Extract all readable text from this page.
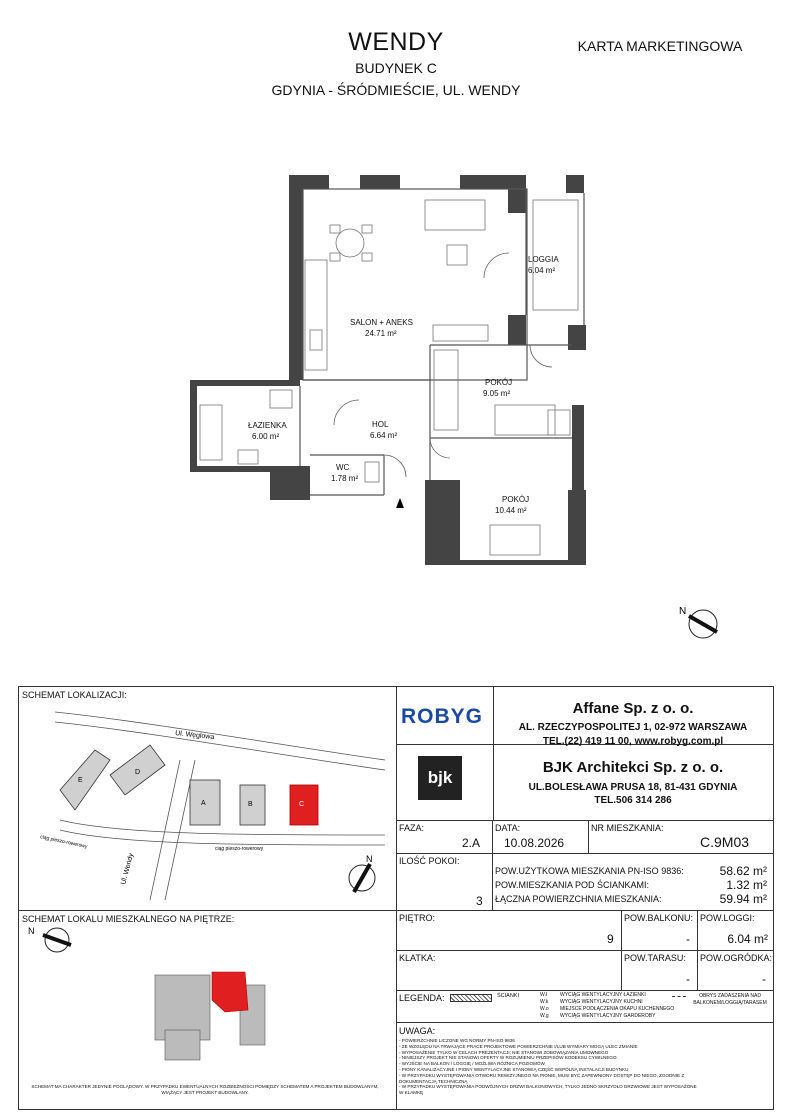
WENDY
BUDYNEK C
GDYNIA - ŚRÓDMIEŚCIE, UL. WENDY
KARTA MARKETINGOWA
LOGGIA
6.04 m²
SALON + ANEKS
24.71 m²
POKÓJ
9.05 m²
ŁAZIENKA
6.00 m²
HOL
6.64 m²
WC
1.78 m²
POKÓJ
10.44 m²
N
SCHEMAT LOKALIZACJI:
Ul. Węglowa
Ul. Wendy
ciąg pieszo-rowerowy	ciąg pieszo-rowerowy
E
D
A	B	C
N
SCHEMAT LOKALU MIESZKALNEGO NA PIĘTRZE:
N
SCHEMAT MA CHARAKTER JEDYNIE POGLĄDOWY. W PRZYPADKU EWENTUALNYCH ROZBIEŻNOŚCI POMIĘDZY SCHEMATEM A PROJEKTEM BUDOWLANYM, WIĄŻĄCY JEST PROJEKT BUDOWLANY.
ROBYG
bjk
Affane Sp. z o. o.
AL. RZECZYPOSPOLITEJ 1, 02-972 WARSZAWA
TEL.(22) 419 11 00, www.robyg.com.pl
BJK Architekci Sp. z o. o.
UL.BOLESŁAWA PRUSA 18, 81-431 GDYNIA
TEL.506 314 286
FAZA:
2.A
DATA:
10.08.2026
NR MIESZKANIA:
C.9M03
ILOŚĆ POKOI:
3
POW.UŻYTKOWA MIESZKANIA PN-ISO 9836:	58.62 m²
POW.MIESZKANIA POD ŚCIANKAMI:	1.32 m²
ŁĄCZNA POWIERZCHNIA MIESZKANIA:	59.94 m²
PIĘTRO:
9
POW.BALKONU:
-
POW.LOGGI:
6.04 m²
KLATKA:	POW.TARASU:
-
POW.OGRÓDKA:
-
LEGENDA:	ŚCIANKI	W.ł	WYCIĄG WENTYLACYJNY ŁAZIENKI
W.k WYCIĄG WENTYLACYJNY KUCHNI
W.o MIEJSCE PODŁĄCZENIA OKAPU KUCHENNEGO
W.g WYCIĄG WENTYLACYJNY GARDEROBY
OBRYS ZADASZENIA NAD BALKONEM/LOGGIĄ/TARASEM
UWAGA:
- POWIERZCHNIE LICZONE WG NORMY PN-ISO 9836
- ZE WZGLĘDU NA TRWAJĄCE PRACE PROJEKTOWE POWIERZCHNIE I/LUB WYMIARY MOGĄ ULEC ZMIANIE
- WYPOSAŻENIE TYLKO W CELACH PREZENTACJI; NIE STANOWI ZOBOWIĄZANIA UMOWNEGO
- NINIEJSZY PROJEKT NIE STANOWI OFERTY W ROZUMIENIU PRZEPISÓW KODEKSU CYWILNEGO
- WYJŚCIE NA BALKON / LOGGIĘ / MOŻLIWA RÓŻNICA POZIOMÓW
- PIONY KANALIZACYJNE I PIONY WENTYLACYJNE STANOWIĄ CZĘŚĆ WSPÓLNĄ INSTALACJI BUDYNKU
- W PRZYPADKU WYSTĘPOWANIA OTWORU REWIZYJNEGO NA PIONIE, MUSI BYĆ ZAPEWNIONY DOSTĘP DO NIEGO, ZGODNIE Z DOKUMENTACJĄ TECHNICZNĄ
- W PRZYPADKU WYSTĘPOWANIA PODWÓJNYCH DRZWI BALKONOWYCH, TYLKO JEDNO SKRZYDŁO DRZWIOWE JEST WYPOSAŻONE W KLAMKĘ
